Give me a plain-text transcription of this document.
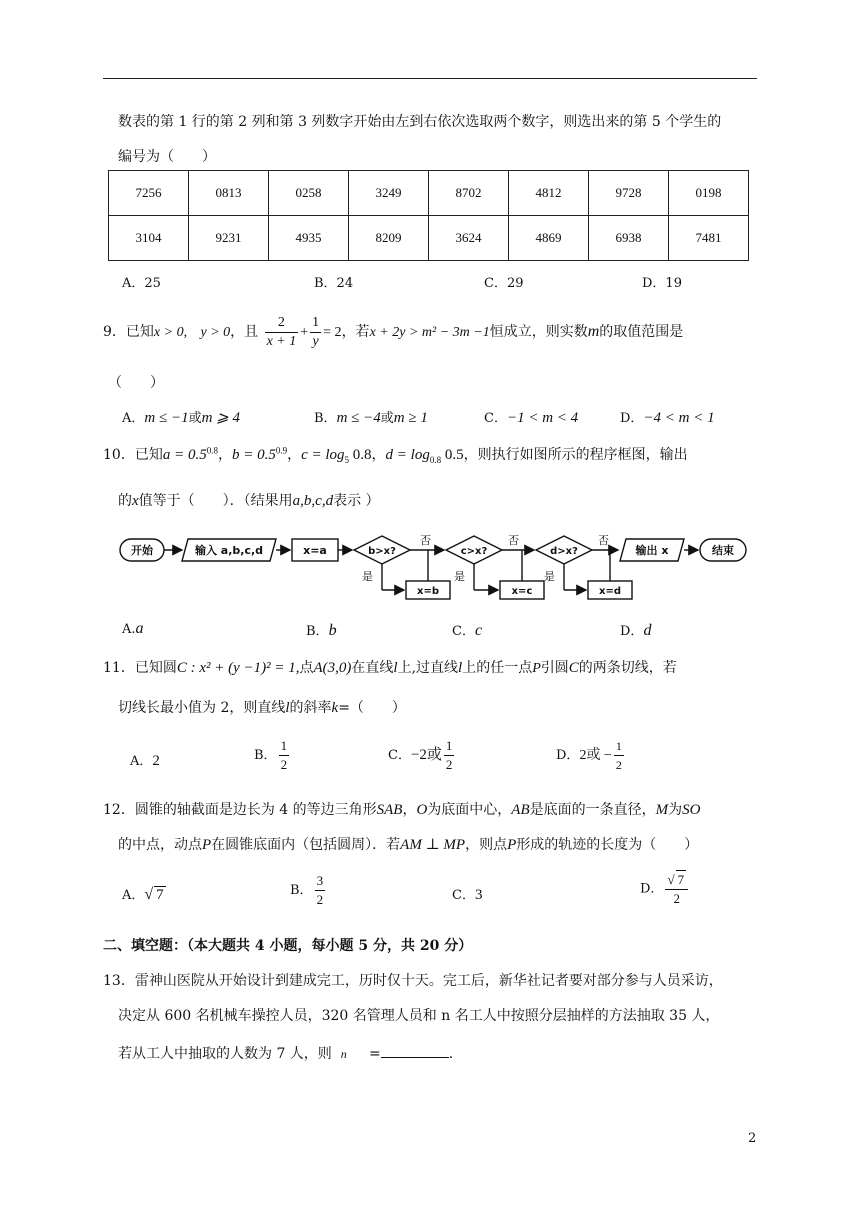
数表的第 1 行的第 2 列和第 3 列数字开始由左到右依次选取两个数字，则选出来的第 5 个学生的
编号为（　　）
7256	0813	0258	3249	8702	4812	9728	0198
3104	9231	4935	8209	3624	4869	6938	7481
A．25	B．24	C．29	D．19
9．已知x > 0, y > 0，且 $\frac{2}{x + 1} + \frac{1}{y} = 2$，若x + 2y > m² − 3m −1恒成立，则实数m的取值范围是
（　　）
A．m ≤ −1或m ⩾ 4	B．m ≤ −4或m ≥ 1	C．−1 < m < 4	D．−4 < m < 1
10．已知$a = 0.5^{0.8}$，$b = 0.5^{0.9}$，$c = \log_5 0.8$，$d = \log_{0.8} 0.5$，则执行如图所示的程序框图，输出
的x值等于（　　）．（结果用a,b,c,d表示 ）
开始	输入 a,b,c,d	x=a	b>x?	c>x?	d>x?	输出 x	结束
x=b	x=c	x=d
否	否	否
是	是	是
A.a	B．b	C．c	D．d
11．已知圆C : x² + (y −1)² = 1,点A(3,0)在直线l上,过直线l上的任一点P引圆C的两条切线，若
切线长最小值为 2，则直线l的斜率k=（　　）
A．2	B． $\frac{1}{2}$	C．−2或 $\frac{1}{2}$	D．2或 − $\frac{1}{2}$
12．圆锥的轴截面是边长为 4 的等边三角形SAB，O为底面中心，AB是底面的一条直径，M为SO
的中点，动点P在圆锥底面内（包括圆周）．若AM ⊥ MP，则点P形成的轨迹的长度为（　　）
A．√ 7	B． $\frac{3}{2}$	C．3	D． $\frac{√ 7}{2}$
二、填空题：（本大题共 4 小题，每小题 5 分，共 20 分）
13．雷神山医院从开始设计到建成完工，历时仅十天。完工后，新华社记者要对部分参与人员采访，
决定从 600 名机械车操控人员，320 名管理人员和 n 名工人中按照分层抽样的方法抽取 35 人，
若从工人中抽取的人数为 7 人，则 n =	.
2
